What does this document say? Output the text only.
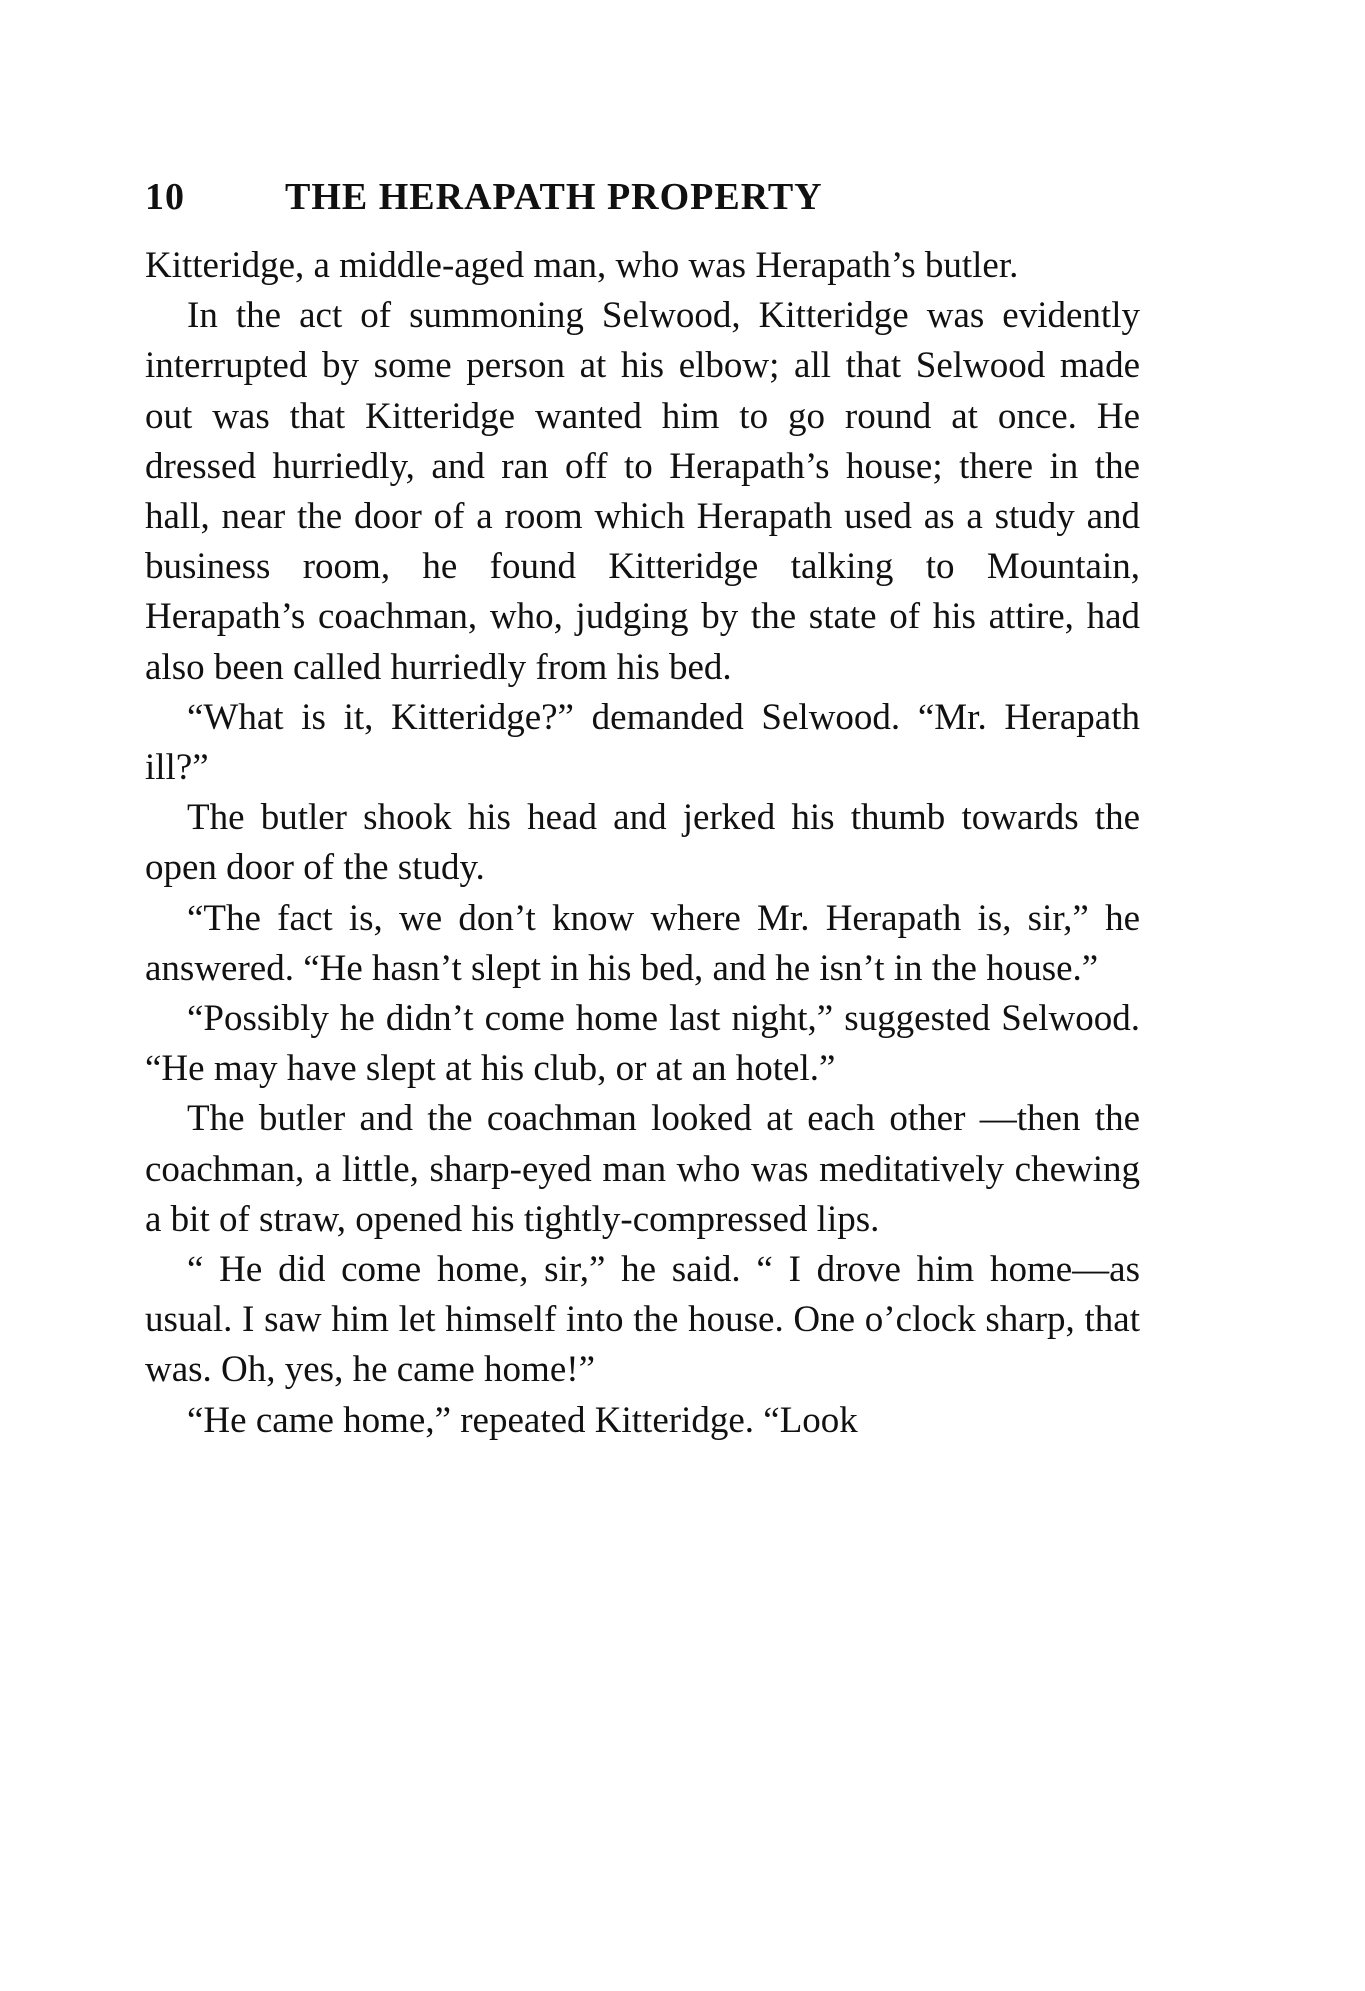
10	THE HERAPATH PROPERTY

Kitteridge, a middle-aged man, who was Herapath’s butler.

In the act of summoning Selwood, Kitteridge was evidently interrupted by some person at his elbow; all that Selwood made out was that Kitteridge wanted him to go round at once. He dressed hurriedly, and ran off to Herapath’s house; there in the hall, near the door of a room which Herapath used as a study and business room, he found Kitteridge talking to Mountain, Herapath’s coachman, who, judging by the state of his attire, had also been called hurriedly from his bed.

“What is it, Kitteridge?” demanded Selwood. “Mr. Herapath ill?”

The butler shook his head and jerked his thumb towards the open door of the study.

“The fact is, we don’t know where Mr. Herapath is, sir,” he answered. “He hasn’t slept in his bed, and he isn’t in the house.”

“Possibly he didn’t come home last night,” suggested Selwood. “He may have slept at his club, or at an hotel.”

The butler and the coachman looked at each other —then the coachman, a little, sharp-eyed man who was meditatively chewing a bit of straw, opened his tightly-compressed lips.

“ He did come home, sir,” he said. “ I drove him home—as usual. I saw him let himself into the house. One o’clock sharp, that was. Oh, yes, he came home!”

“He came home,” repeated Kitteridge. “Look
